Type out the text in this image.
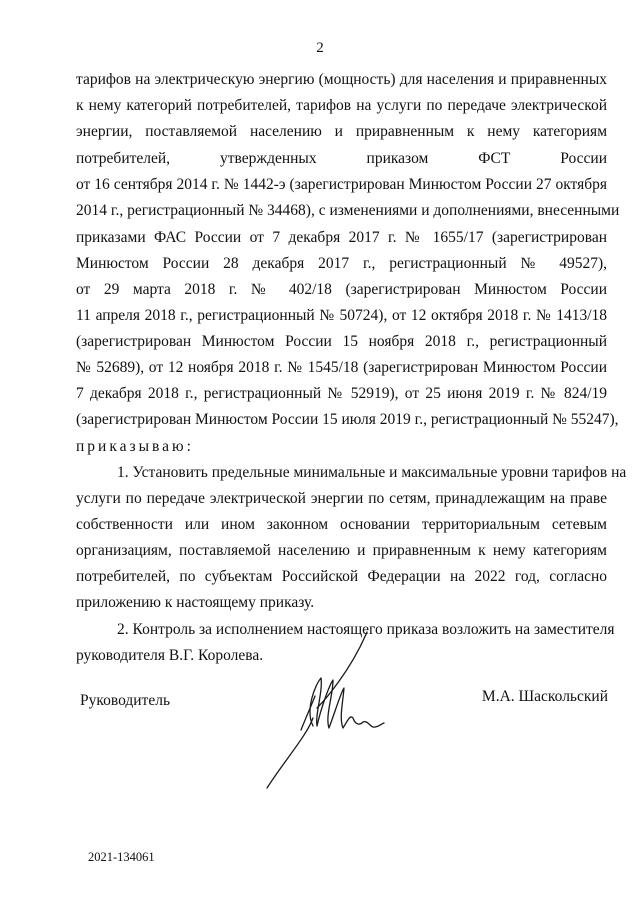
2
тарифов на электрическую энергию (мощность) для населения и приравненных
к нему категорий потребителей, тарифов на услуги по передаче электрической
энергии, поставляемой населению и приравненным к нему категориям
потребителей, утвержденных приказом ФСТ России
от 16 сентября 2014 г. № 1442-э (зарегистрирован Минюстом России 27 октября
2014 г., регистрационный № 34468), с изменениями и дополнениями, внесенными
приказами ФАС России от 7 декабря 2017 г. № 1655/17 (зарегистрирован
Минюстом России 28 декабря 2017 г., регистрационный № 49527),
от 29 марта 2018 г. № 402/18 (зарегистрирован Минюстом России
11 апреля 2018 г., регистрационный № 50724), от 12 октября 2018 г. № 1413/18
(зарегистрирован Минюстом России 15 ноября 2018 г., регистрационный
№ 52689), от 12 ноября 2018 г. № 1545/18 (зарегистрирован Минюстом России
7 декабря 2018 г., регистрационный № 52919), от 25 июня 2019 г. № 824/19
(зарегистрирован Минюстом России 15 июля 2019 г., регистрационный № 55247),
приказываю:
1. Установить предельные минимальные и максимальные уровни тарифов на
услуги по передаче электрической энергии по сетям, принадлежащим на праве
собственности или ином законном основании территориальным сетевым
организациям, поставляемой населению и приравненным к нему категориям
потребителей, по субъектам Российской Федерации на 2022 год, согласно
приложению к настоящему приказу.
2. Контроль за исполнением настоящего приказа возложить на заместителя
руководителя В.Г. Королева.
Руководитель	М.А. Шаскольский
2021-134061
